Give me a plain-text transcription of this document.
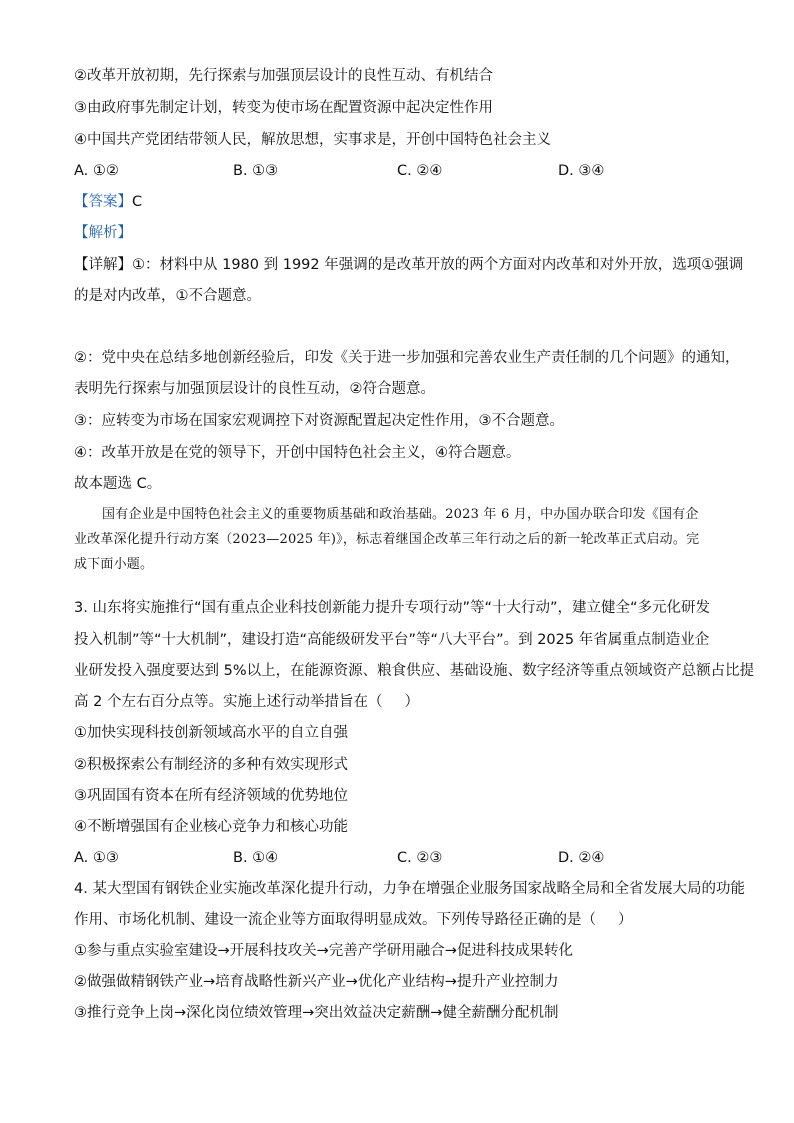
②改革开放初期，先行探索与加强顶层设计的良性互动、有机结合
③由政府事先制定计划，转变为使市场在配置资源中起决定性作用
④中国共产党团结带领人民，解放思想，实事求是，开创中国特色社会主义
A. ①②	B. ①③	C. ②④	D. ③④
【答案】C
【解析】
【详解】①：材料中从 1980 到 1992 年强调的是改革开放的两个方面对内改革和对外开放，选项①强调
的是对内改革，①不合题意。
②：党中央在总结多地创新经验后，印发《关于进一步加强和完善农业生产责任制的几个问题》的通知，
表明先行探索与加强顶层设计的良性互动，②符合题意。
③：应转变为市场在国家宏观调控下对资源配置起决定性作用，③不合题意。
④：改革开放是在党的领导下，开创中国特色社会主义，④符合题意。
故本题选 C。
国有企业是中国特色社会主义的重要物质基础和政治基础。2023 年 6 月，中办国办联合印发《国有企
业改革深化提升行动方案（2023—2025 年)》，标志着继国企改革三年行动之后的新一轮改革正式启动。完
成下面小题。
3. 山东将实施推行“国有重点企业科技创新能力提升专项行动”等“十大行动”，建立健全“多元化研发
投入机制”等“十大机制”，建设打造“高能级研发平台”等“八大平台”。到 2025 年省属重点制造业企
业研发投入强度要达到 5%以上，在能源资源、粮食供应、基础设施、数字经济等重点领域资产总额占比提
高 2 个左右百分点等。实施上述行动举措旨在（ ）
①加快实现科技创新领域高水平的自立自强
②积极探索公有制经济的多种有效实现形式
③巩固国有资本在所有经济领域的优势地位
④不断增强国有企业核心竞争力和核心功能
A. ①③	B. ①④	C. ②③	D. ②④
4. 某大型国有钢铁企业实施改革深化提升行动，力争在增强企业服务国家战略全局和全省发展大局的功能
作用、市场化机制、建设一流企业等方面取得明显成效。下列传导路径正确的是（ ）
①参与重点实验室建设→开展科技攻关→完善产学研用融合→促进科技成果转化
②做强做精钢铁产业→培育战略性新兴产业→优化产业结构→提升产业控制力
③推行竞争上岗→深化岗位绩效管理→突出效益决定薪酬→健全薪酬分配机制
